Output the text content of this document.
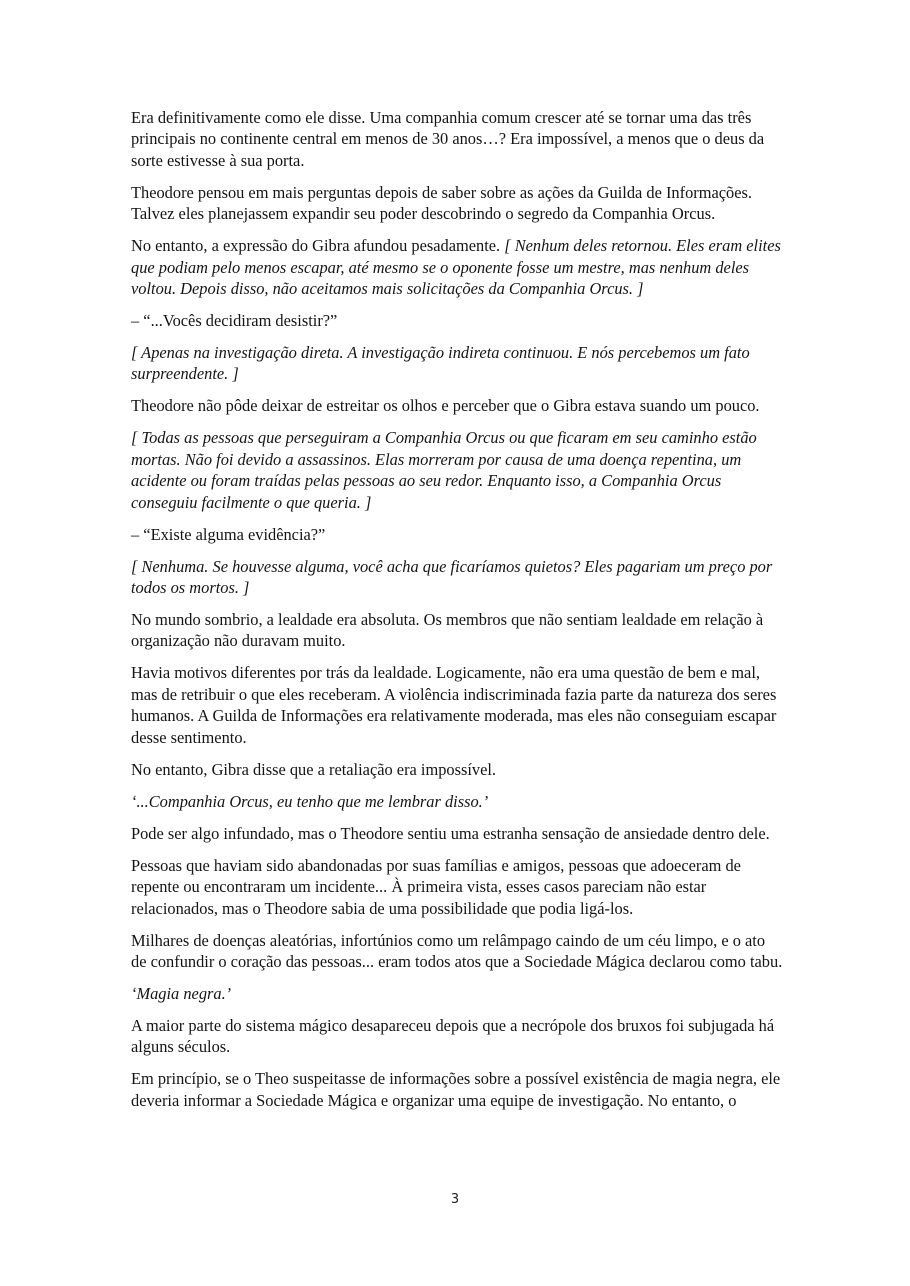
Era definitivamente como ele disse. Uma companhia comum crescer até se tornar uma das três principais no continente central em menos de 30 anos…? Era impossível, a menos que o deus da sorte estivesse à sua porta.

Theodore pensou em mais perguntas depois de saber sobre as ações da Guilda de Informações. Talvez eles planejassem expandir seu poder descobrindo o segredo da Companhia Orcus.

No entanto, a expressão do Gibra afundou pesadamente. [ Nenhum deles retornou. Eles eram elites que podiam pelo menos escapar, até mesmo se o oponente fosse um mestre, mas nenhum deles voltou. Depois disso, não aceitamos mais solicitações da Companhia Orcus. ]

– “...Vocês decidiram desistir?”

[ Apenas na investigação direta. A investigação indireta continuou. E nós percebemos um fato surpreendente. ]

Theodore não pôde deixar de estreitar os olhos e perceber que o Gibra estava suando um pouco.

[ Todas as pessoas que perseguiram a Companhia Orcus ou que ficaram em seu caminho estão mortas. Não foi devido a assassinos. Elas morreram por causa de uma doença repentina, um acidente ou foram traídas pelas pessoas ao seu redor. Enquanto isso, a Companhia Orcus conseguiu facilmente o que queria. ]

– “Existe alguma evidência?”

[ Nenhuma. Se houvesse alguma, você acha que ficaríamos quietos? Eles pagariam um preço por todos os mortos. ]

No mundo sombrio, a lealdade era absoluta. Os membros que não sentiam lealdade em relação à organização não duravam muito.

Havia motivos diferentes por trás da lealdade. Logicamente, não era uma questão de bem e mal, mas de retribuir o que eles receberam. A violência indiscriminada fazia parte da natureza dos seres humanos. A Guilda de Informações era relativamente moderada, mas eles não conseguiam escapar desse sentimento.

No entanto, Gibra disse que a retaliação era impossível.

‘...Companhia Orcus, eu tenho que me lembrar disso.’

Pode ser algo infundado, mas o Theodore sentiu uma estranha sensação de ansiedade dentro dele.

Pessoas que haviam sido abandonadas por suas famílias e amigos, pessoas que adoeceram de repente ou encontraram um incidente... À primeira vista, esses casos pareciam não estar relacionados, mas o Theodore sabia de uma possibilidade que podia ligá-los.

Milhares de doenças aleatórias, infortúnios como um relâmpago caindo de um céu limpo, e o ato de confundir o coração das pessoas... eram todos atos que a Sociedade Mágica declarou como tabu.

‘Magia negra.’

A maior parte do sistema mágico desapareceu depois que a necrópole dos bruxos foi subjugada há alguns séculos.

Em princípio, se o Theo suspeitasse de informações sobre a possível existência de magia negra, ele deveria informar a Sociedade Mágica e organizar uma equipe de investigação. No entanto, o

3
